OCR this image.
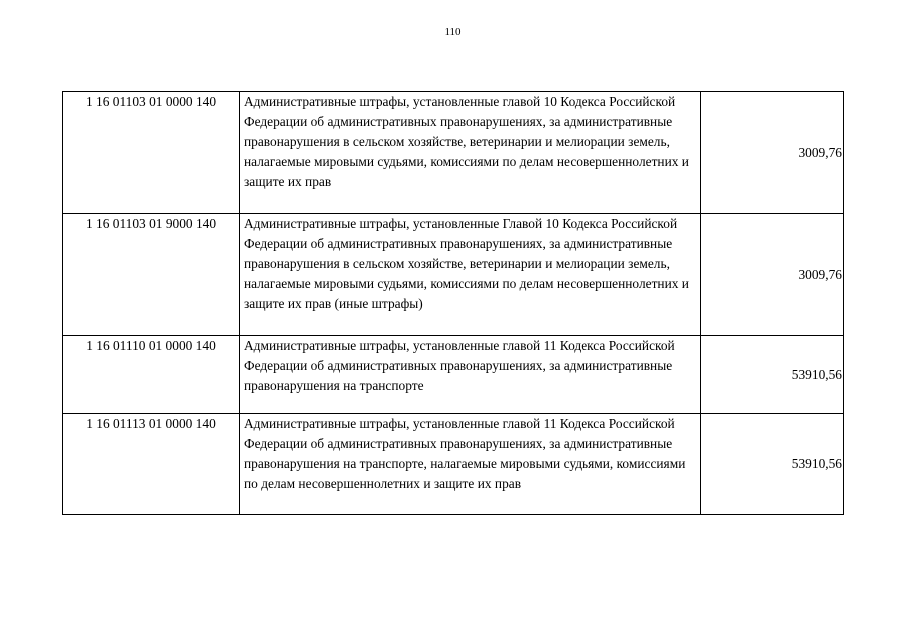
110
1 16 01103 01 0000 140	Административные штрафы, установленные главой 10 Кодекса Российской Федерации об административных правонарушениях, за административные правонарушения в сельском хозяйстве, ветеринарии и мелиорации земель, налагаемые мировыми судьями, комиссиями по делам несовершеннолетних и защите их прав	3009,76
1 16 01103 01 9000 140	Административные штрафы, установленные Главой 10 Кодекса Российской Федерации об административных правонарушениях, за административные правонарушения в сельском хозяйстве, ветеринарии и мелиорации земель, налагаемые мировыми судьями, комиссиями по делам несовершеннолетних и защите их прав (иные штрафы)	3009,76
1 16 01110 01 0000 140	Административные штрафы, установленные главой 11 Кодекса Российской Федерации об административных правонарушениях, за административные правонарушения на транспорте	53910,56
1 16 01113 01 0000 140	Административные штрафы, установленные главой 11 Кодекса Российской Федерации об административных правонарушениях, за административные правонарушения на транспорте, налагаемые мировыми судьями, комиссиями по делам несовершеннолетних и защите их прав	53910,56
